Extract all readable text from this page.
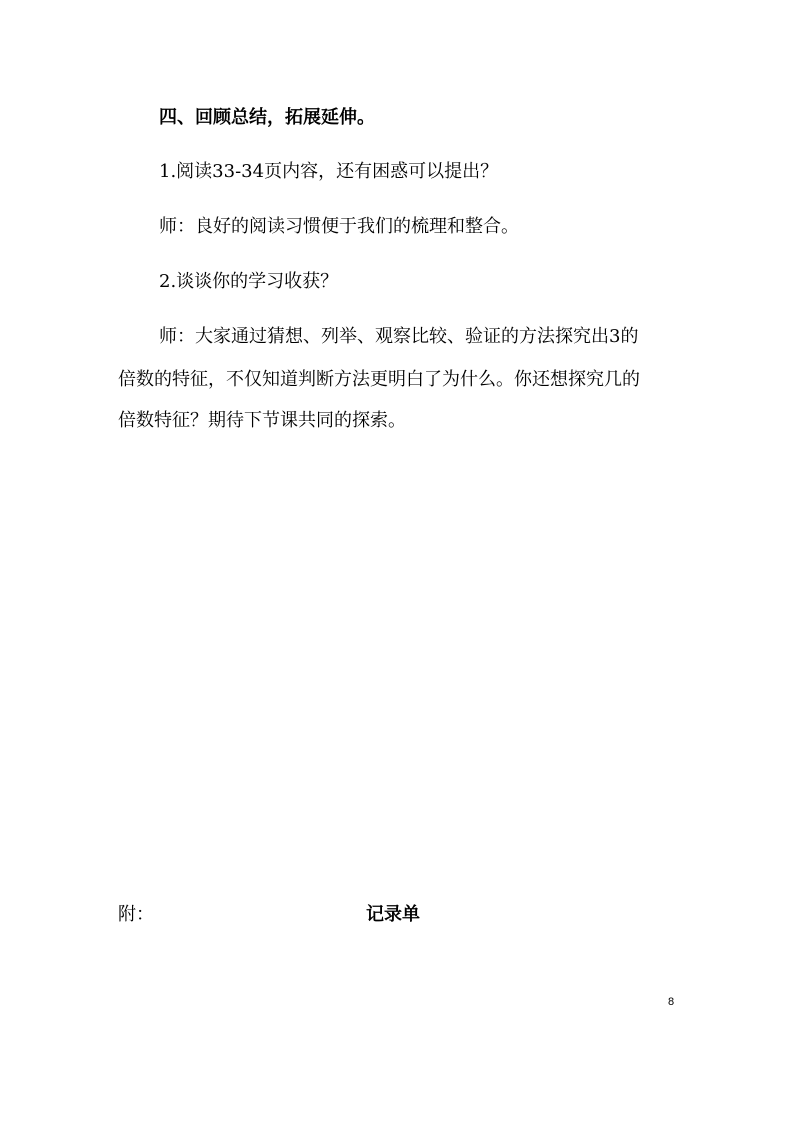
四、回顾总结，拓展延伸。
1.阅读33-34页内容，还有困惑可以提出？
师：良好的阅读习惯便于我们的梳理和整合。
2.谈谈你的学习收获？
师：大家通过猜想、列举、观察比较、验证的方法探究出3的
倍数的特征，不仅知道判断方法更明白了为什么。你还想探究几的
倍数特征？期待下节课共同的探索。
附：	记录单
8
